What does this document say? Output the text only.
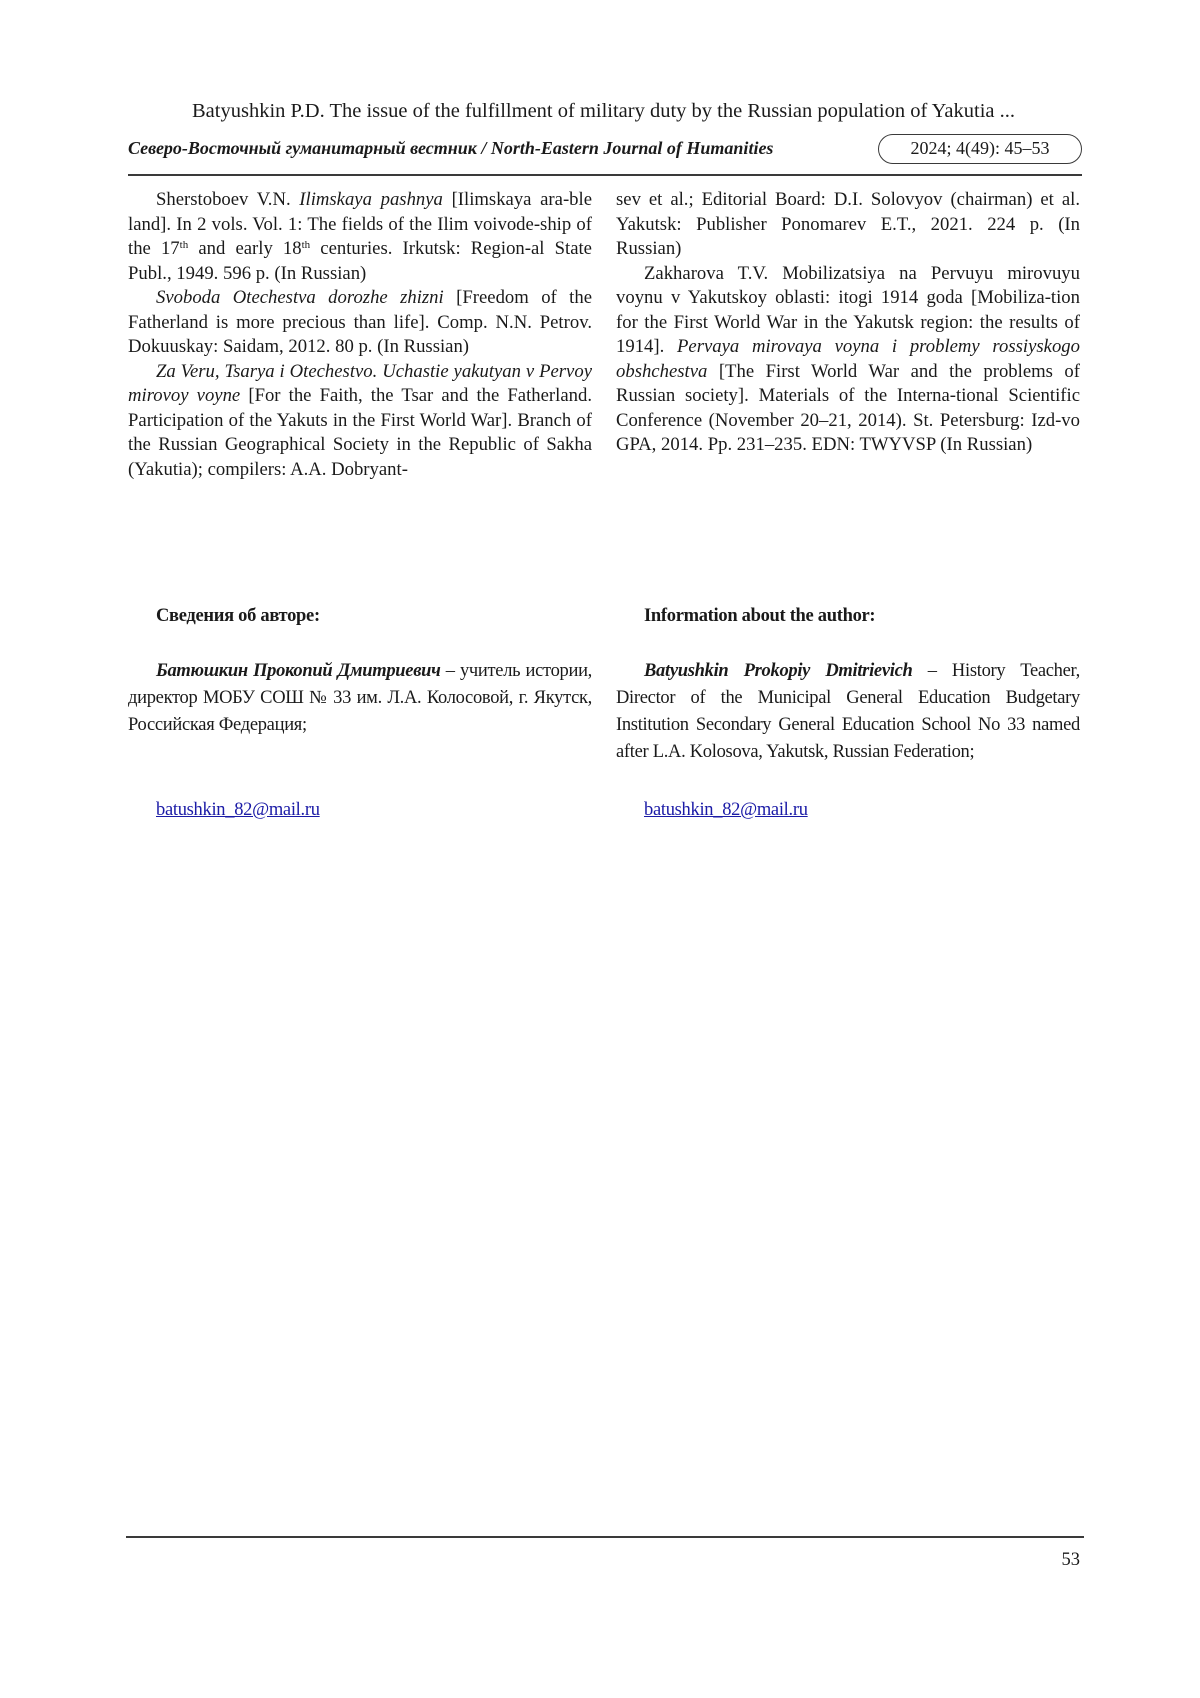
Batyushkin P.D. The issue of the fulfillment of military duty by the Russian population of Yakutia ...
Северо-Восточный гуманитарный вестник / North-Eastern Journal of Humanities	2024; 4(49): 45–53

Sherstoboev V.N. Ilimskaya pashnya [Ilimskaya ara-ble land]. In 2 vols. Vol. 1: The fields of the Ilim voivode-ship of the 17th and early 18th centuries. Irkutsk: Region-al State Publ., 1949. 596 p. (In Russian)

Svoboda Otechestva dorozhe zhizni [Freedom of the Fatherland is more precious than life]. Comp. N.N. Petrov. Dokuuskay: Saidam, 2012. 80 p. (In Russian)

Za Veru, Tsarya i Otechestvo. Uchastie yakutyan v Pervoy mirovoy voyne [For the Faith, the Tsar and the Fatherland. Participation of the Yakuts in the First World War]. Branch of the Russian Geographical Society in the Republic of Sakha (Yakutia); compilers: A.A. Dobryant-

sev et al.; Editorial Board: D.I. Solovyov (chairman) et al. Yakutsk: Publisher Ponomarev E.T., 2021. 224 p. (In Russian)

Zakharova T.V. Mobilizatsiya na Pervuyu mirovuyu voynu v Yakutskoy oblasti: itogi 1914 goda [Mobiliza-tion for the First World War in the Yakutsk region: the results of 1914]. Pervaya mirovaya voyna i problemy rossiyskogo obshchestva [The First World War and the problems of Russian society]. Materials of the Interna-tional Scientific Conference (November 20–21, 2014). St. Petersburg: Izd-vo GPA, 2014. Pp. 231–235. EDN: TWYVSP (In Russian)

Сведения об авторе:

Батюшкин Прокопий Дмитриевич – учитель истории, директор МОБУ СОШ № 33 им. Л.А. Колосовой, г. Якутск, Российская Федерация;

Information about the author:

Batyushkin Prokopiy Dmitrievich – History Teacher, Director of the Municipal General Education Budgetary Institution Secondary General Education School No 33 named after L.A. Kolosova, Yakutsk, Russian Federation;

batushkin_82@mail.ru	batushkin_82@mail.ru
53
